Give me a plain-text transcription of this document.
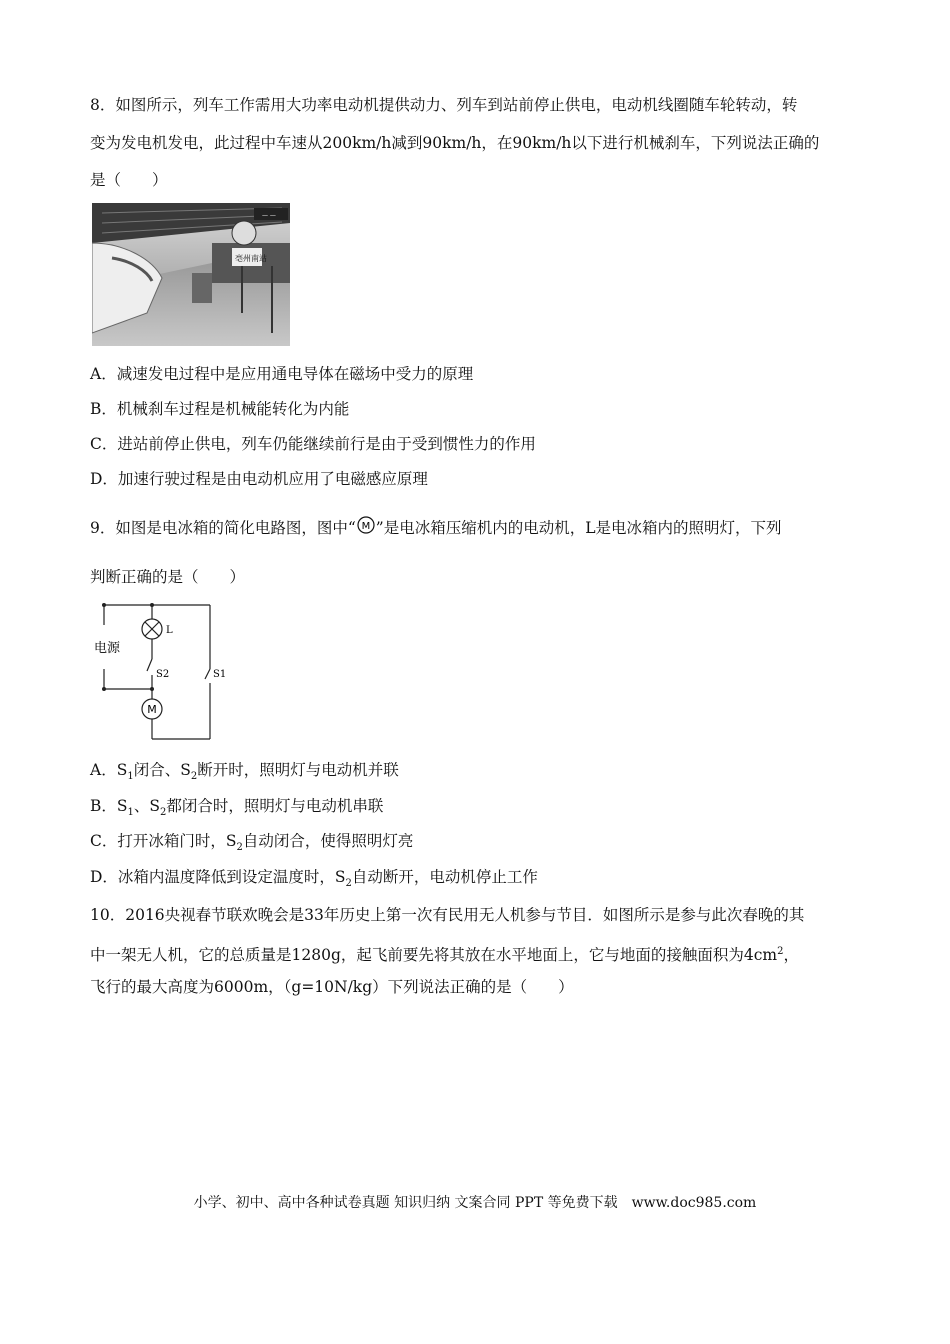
8．如图所示，列车工作需用大功率电动机提供动力、列车到站前停止供电，电动机线圈随车轮转动，转
变为发电机发电，此过程中车速从200km/h减到90km/h，在90km/h以下进行机械刹车，下列说法正确的
是（　　）
— —
亳州南站
A．减速发电过程中是应用通电导体在磁场中受力的原理
B．机械刹车过程是机械能转化为内能
C．进站前停止供电，列车仍能继续前行是由于受到惯性力的作用
D．加速行驶过程是由电动机应用了电磁感应原理
9．如图是电冰箱的简化电路图，图中“ M ”是电冰箱压缩机内的电动机，L是电冰箱内的照明灯，下列
判断正确的是（　　）
电源
L
M
S2	S1
A．$S_1$闭合、$S_2$断开时，照明灯与电动机并联
B．$S_1$、$S_2$都闭合时，照明灯与电动机串联
C．打开冰箱门时，$S_2$自动闭合，使得照明灯亮
D．冰箱内温度降低到设定温度时，$S_2$自动断开，电动机停止工作
10．2016央视春节联欢晚会是33年历史上第一次有民用无人机参与节目．如图所示是参与此次春晚的其
中一架无人机，它的总质量是1280g，起飞前要先将其放在水平地面上，它与地面的接触面积为$4cm^2$，
飞行的最大高度为6000m，（g=10N/kg）下列说法正确的是（　　）
小学、初中、高中各种试卷真题 知识归纳 文案合同 PPT 等免费下载　www.doc985.com
